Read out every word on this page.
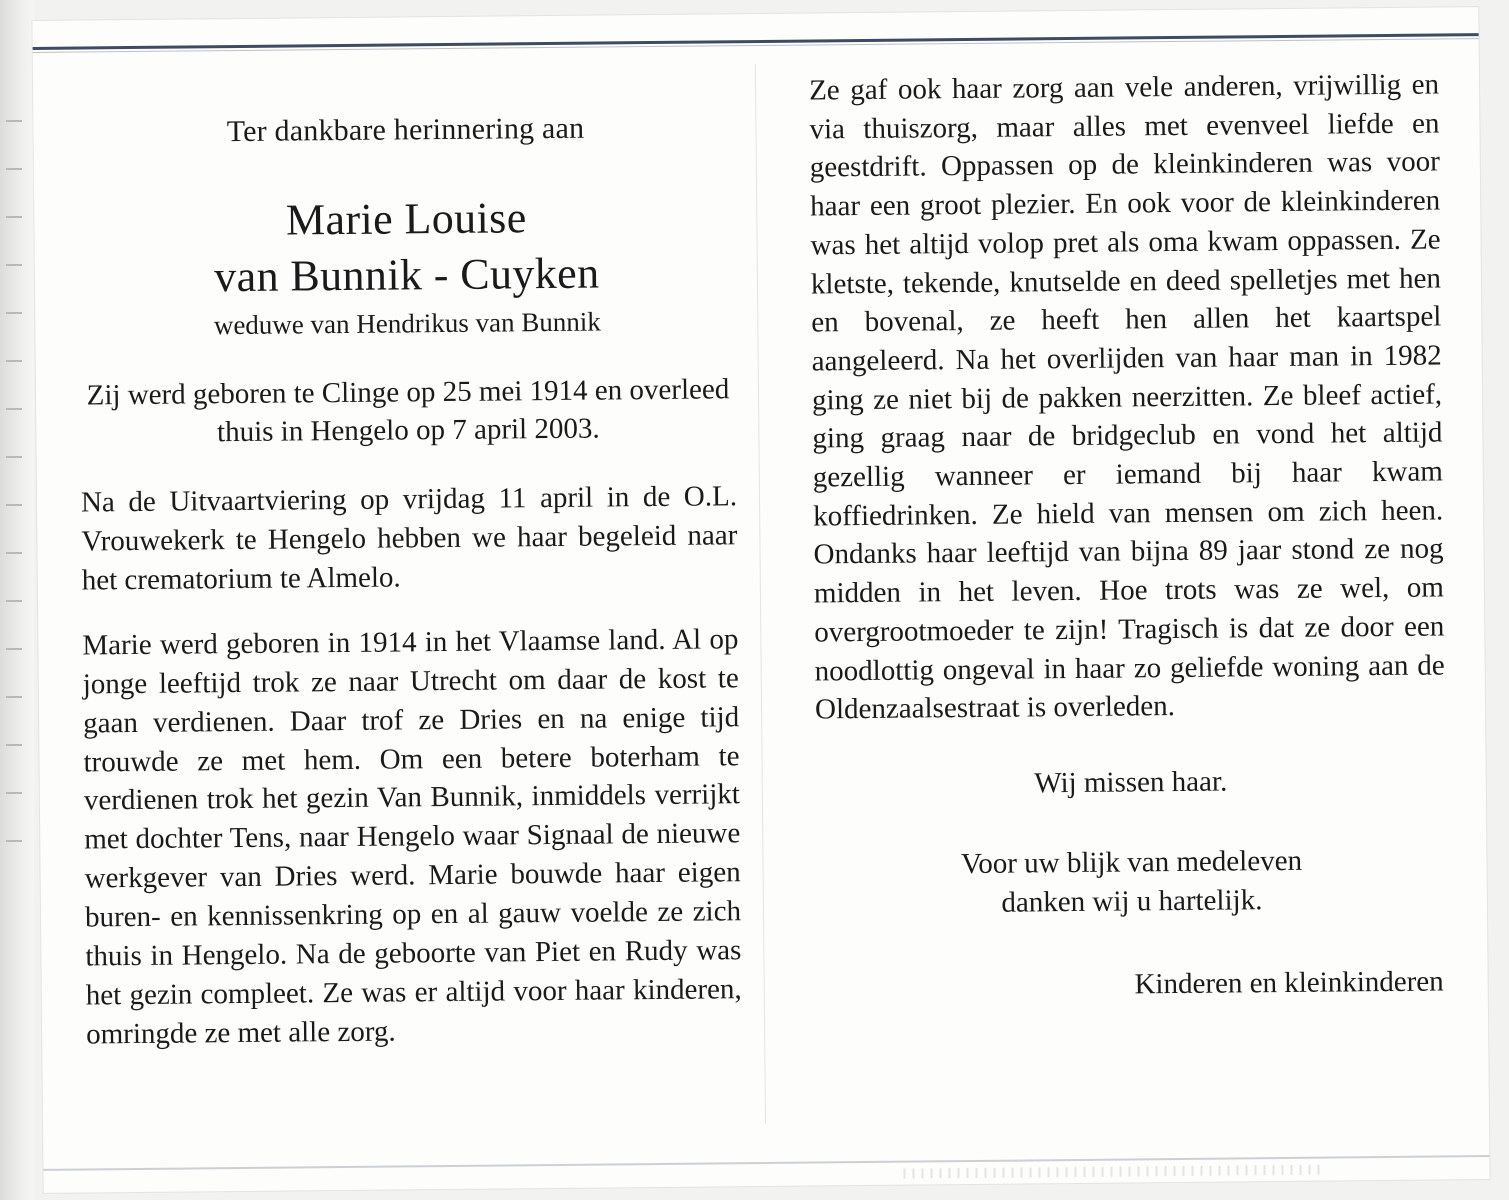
Ter dankbare herinnering aan
Marie Louise
van Bunnik - Cuyken
weduwe van Hendrikus van Bunnik

Zij werd geboren te Clinge op 25 mei 1914 en overleed thuis in Hengelo op 7 april 2003.

Na de Uitvaartviering op vrijdag 11 april in de O.L. Vrouwekerk te Hengelo hebben we haar begeleid naar het crematorium te Almelo.

Marie werd geboren in 1914 in het Vlaamse land. Al op jonge leeftijd trok ze naar Utrecht om daar de kost te gaan verdienen. Daar trof ze Dries en na enige tijd trouwde ze met hem. Om een betere boterham te verdienen trok het gezin Van Bunnik, inmiddels verrijkt met dochter Tens, naar Hengelo waar Signaal de nieuwe werkgever van Dries werd. Marie bouwde haar eigen buren- en kennissenkring op en al gauw voelde ze zich thuis in Hengelo. Na de geboorte van Piet en Rudy was het gezin compleet. Ze was er altijd voor haar kinderen, omringde ze met alle zorg.

Ze gaf ook haar zorg aan vele anderen, vrijwillig en via thuiszorg, maar alles met evenveel liefde en geestdrift. Oppassen op de kleinkinderen was voor haar een groot plezier. En ook voor de kleinkinderen was het altijd volop pret als oma kwam oppassen. Ze kletste, tekende, knutselde en deed spelletjes met hen en bovenal, ze heeft hen allen het kaartspel aangeleerd. Na het overlijden van haar man in 1982 ging ze niet bij de pakken neerzitten. Ze bleef actief, ging graag naar de bridgeclub en vond het altijd gezellig wanneer er iemand bij haar kwam koffiedrinken. Ze hield van mensen om zich heen. Ondanks haar leeftijd van bijna 89 jaar stond ze nog midden in het leven. Hoe trots was ze wel, om overgrootmoeder te zijn! Tragisch is dat ze door een noodlottig ongeval in haar zo geliefde woning aan de Oldenzaalsestraat is overleden.

Wij missen haar.

Voor uw blijk van medeleven
danken wij u hartelijk.

Kinderen en kleinkinderen
